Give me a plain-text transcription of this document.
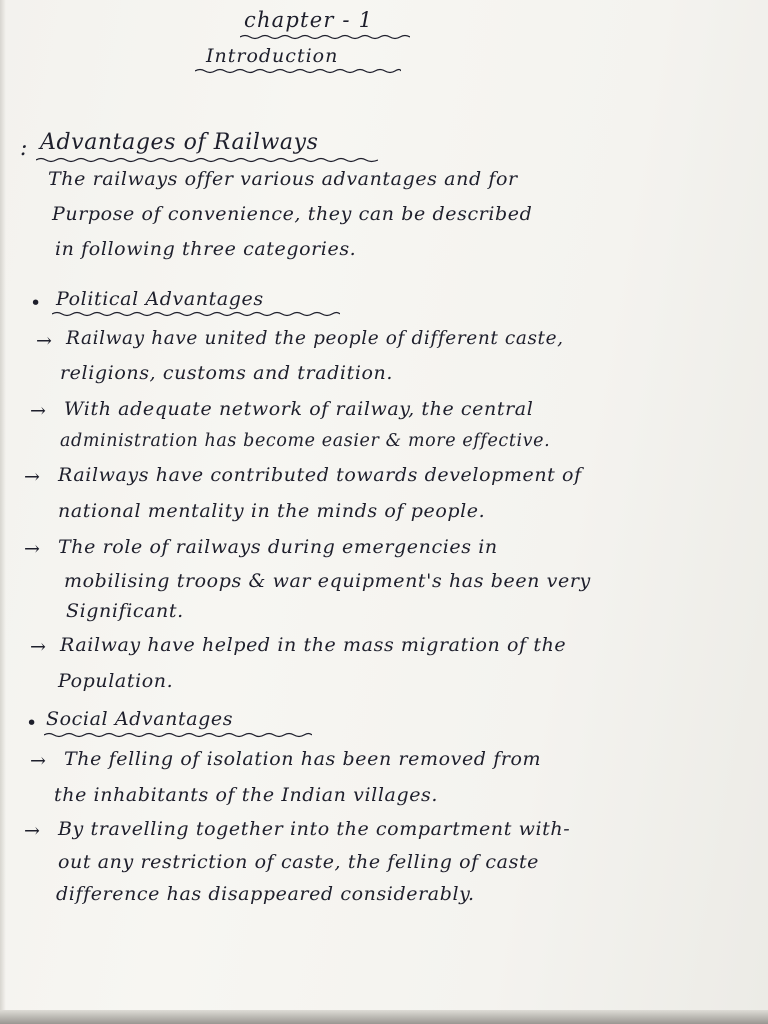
chapter - 1
Introduction
: Advantages of Railways
The railways offer various advantages and for
Purpose of convenience, they can be described
in following three categories.
• Political Advantages
→ Railway have united the people of different caste,
religions, customs and tradition.
→ With adequate network of railway, the central
administration has become easier & more effective.
→ Railways have contributed towards development of
national mentality in the minds of people.
→ The role of railways during emergencies in
mobilising troops & war equipment's has been very
Significant.
→ Railway have helped in the mass migration of the
Population.
• Social Advantages
→ The felling of isolation has been removed from
the inhabitants of the Indian villages.
→ By travelling together into the compartment with-
out any restriction of caste, the felling of caste
difference has disappeared considerably.
